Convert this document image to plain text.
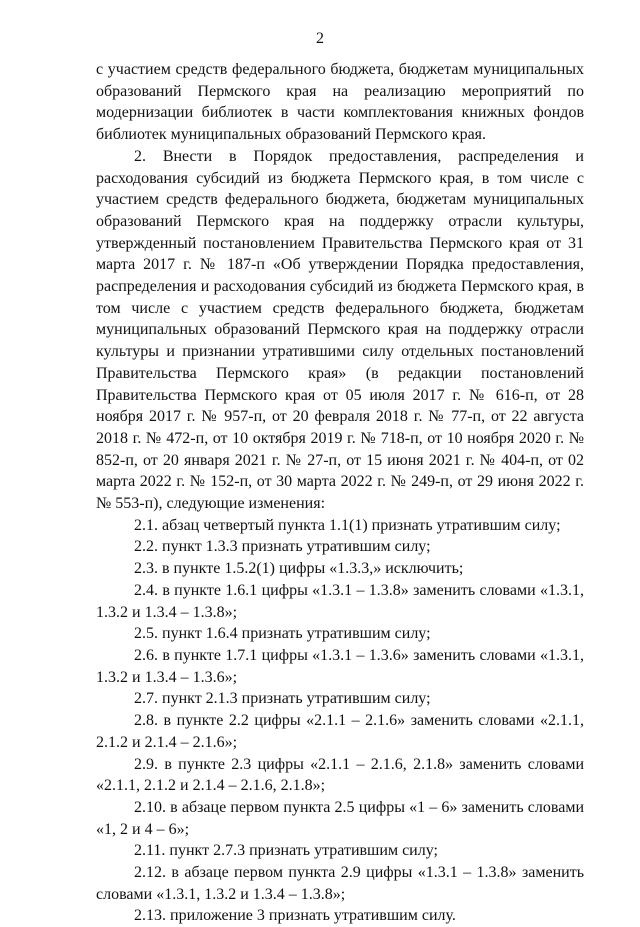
2

с участием средств федерального бюджета, бюджетам муниципальных образований Пермского края на реализацию мероприятий по модернизации библиотек в части комплектования книжных фондов библиотек муниципальных образований Пермского края.

2. Внести в Порядок предоставления, распределения и расходования субсидий из бюджета Пермского края, в том числе с участием средств федерального бюджета, бюджетам муниципальных образований Пермского края на поддержку отрасли культуры, утвержденный постановлением Правительства Пермского края от 31 марта 2017 г. № 187-п «Об утверждении Порядка предоставления, распределения и расходования субсидий из бюджета Пермского края, в том числе с участием средств федерального бюджета, бюджетам муниципальных образований Пермского края на поддержку отрасли культуры и признании утратившими силу отдельных постановлений Правительства Пермского края» (в редакции постановлений Правительства Пермского края от 05 июля 2017 г. № 616-п, от 28 ноября 2017 г. № 957-п, от 20 февраля 2018 г. № 77-п, от 22 августа 2018 г. № 472-п, от 10 октября 2019 г. № 718-п, от 10 ноября 2020 г. № 852-п, от 20 января 2021 г. № 27-п, от 15 июня 2021 г. № 404-п, от 02 марта 2022 г. № 152-п, от 30 марта 2022 г. № 249-п, от 29 июня 2022 г. № 553-п), следующие изменения:

2.1. абзац четвертый пункта 1.1(1) признать утратившим силу;

2.2. пункт 1.3.3 признать утратившим силу;

2.3. в пункте 1.5.2(1) цифры «1.3.3,» исключить;

2.4. в пункте 1.6.1 цифры «1.3.1 – 1.3.8» заменить словами «1.3.1, 1.3.2 и 1.3.4 – 1.3.8»;

2.5. пункт 1.6.4 признать утратившим силу;

2.6. в пункте 1.7.1 цифры «1.3.1 – 1.3.6» заменить словами «1.3.1, 1.3.2 и 1.3.4 – 1.3.6»;

2.7. пункт 2.1.3 признать утратившим силу;

2.8. в пункте 2.2 цифры «2.1.1 – 2.1.6» заменить словами «2.1.1, 2.1.2 и 2.1.4 – 2.1.6»;

2.9. в пункте 2.3 цифры «2.1.1 – 2.1.6, 2.1.8» заменить словами «2.1.1, 2.1.2 и 2.1.4 – 2.1.6, 2.1.8»;

2.10. в абзаце первом пункта 2.5 цифры «1 – 6» заменить словами «1, 2 и 4 – 6»;

2.11. пункт 2.7.3 признать утратившим силу;

2.12. в абзаце первом пункта 2.9 цифры «1.3.1 – 1.3.8» заменить словами «1.3.1, 1.3.2 и 1.3.4 – 1.3.8»;

2.13. приложение 3 признать утратившим силу.
